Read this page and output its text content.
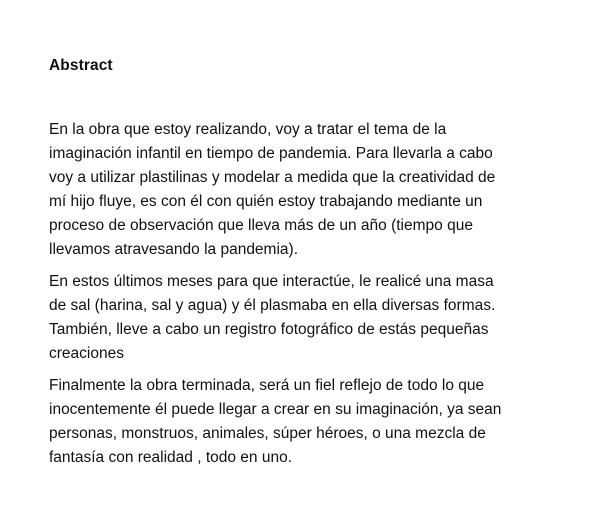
Abstract

En la obra que estoy realizando, voy a tratar el tema de la
imaginación infantil en tiempo de pandemia. Para llevarla a cabo
voy a utilizar plastilinas y modelar a medida que la creatividad de
mí hijo fluye, es con él con quién estoy trabajando mediante un
proceso de observación que lleva más de un año (tiempo que
llevamos atravesando la pandemia).

En estos últimos meses para que interactúe, le realicé una masa
de sal (harina, sal y agua) y él plasmaba en ella diversas formas.
También, lleve a cabo un registro fotográfico de estás pequeñas
creaciones

Finalmente la obra terminada, será un fiel reflejo de todo lo que
inocentemente él puede llegar a crear en su imaginación, ya sean
personas, monstruos, animales, súper héroes, o una mezcla de
fantasía con realidad , todo en uno.
